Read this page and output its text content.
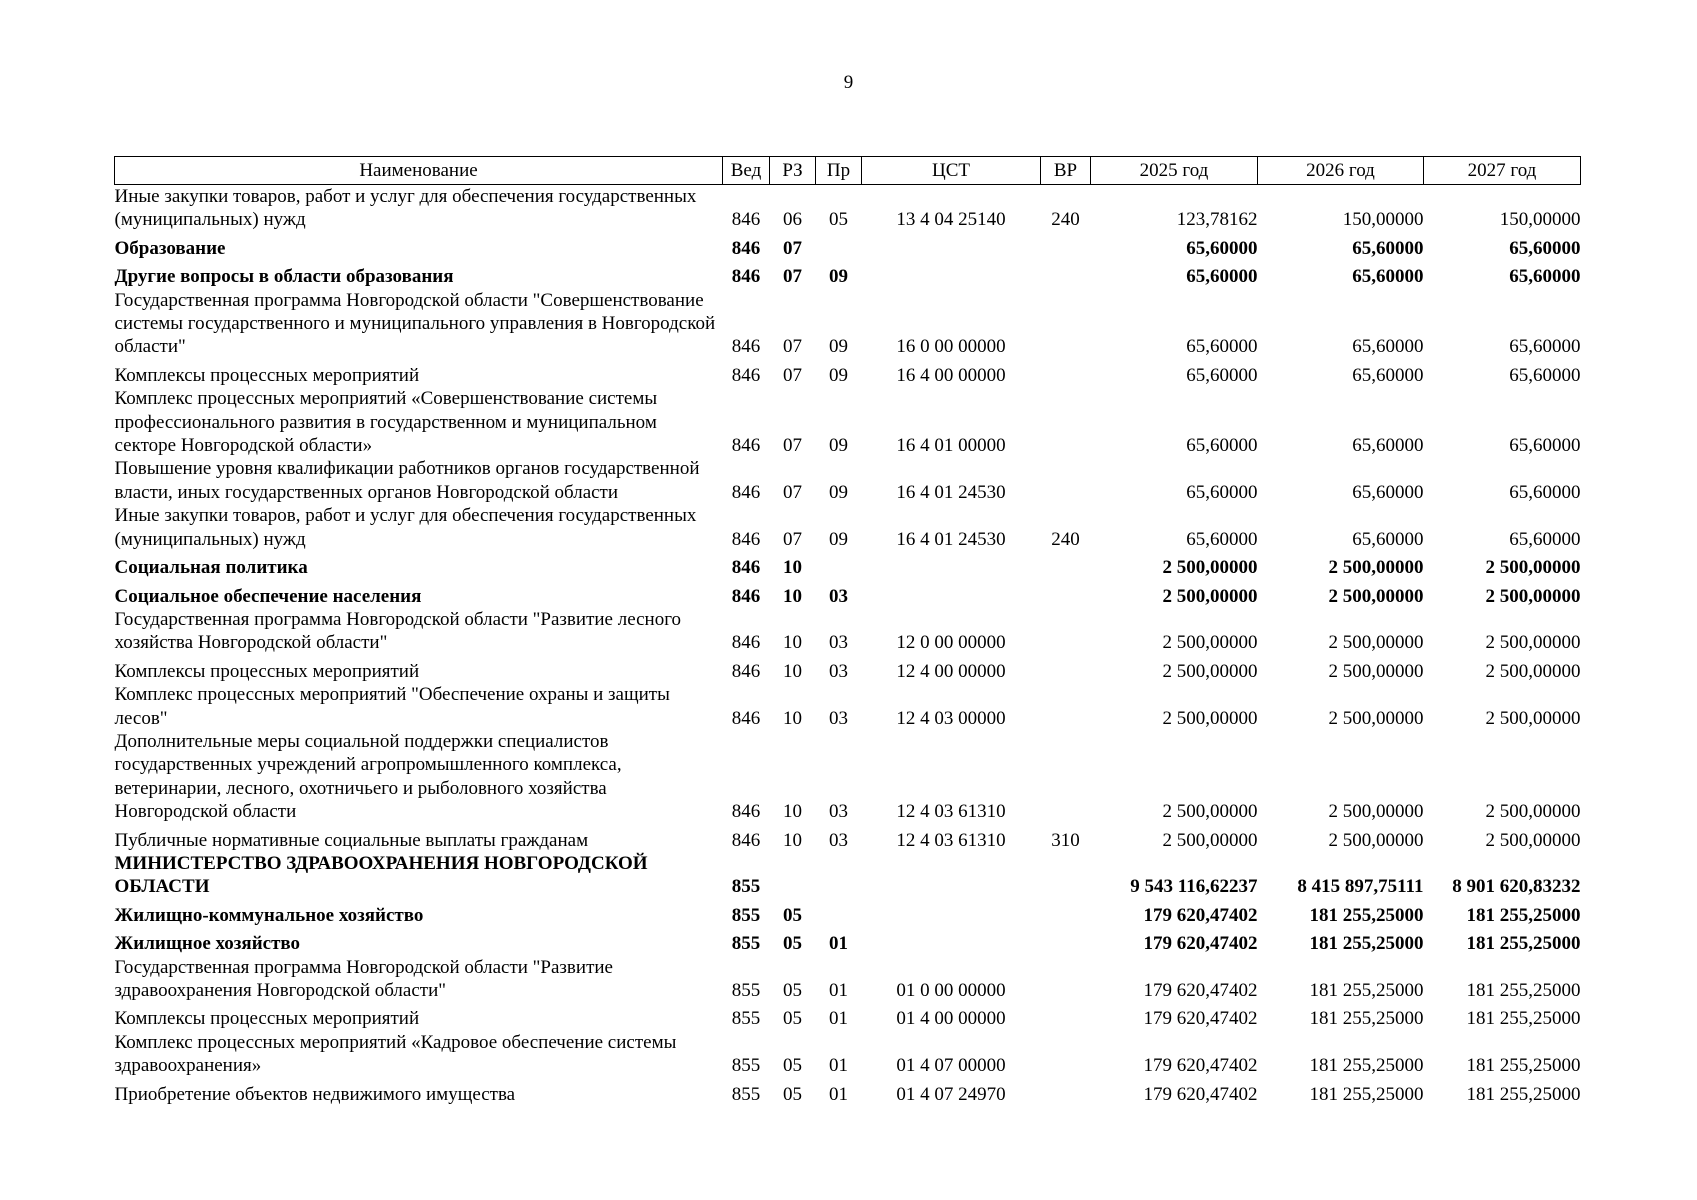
9
Наименование	Вед	РЗ	Пр	ЦСТ	ВР	2025 год	2026 год	2027 год
Иные закупки товаров, работ и услуг для обеспечения государственных (муниципальных) нужд	846	06	05	13 4 04 25140	240	123,78162	150,00000	150,00000
Образование	846	07				65,60000	65,60000	65,60000
Другие вопросы в области образования	846	07	09			65,60000	65,60000	65,60000
Государственная программа Новгородской области "Совершенствование системы государственного и муниципального управления в Новгородской области"	846	07	09	16 0 00 00000		65,60000	65,60000	65,60000
Комплексы процессных мероприятий	846	07	09	16 4 00 00000		65,60000	65,60000	65,60000
Комплекс процессных мероприятий «Совершенствование системы профессионального развития в государственном и муниципальном секторе Новгородской области»	846	07	09	16 4 01 00000		65,60000	65,60000	65,60000
Повышение уровня квалификации работников органов государственной власти, иных государственных органов Новгородской области	846	07	09	16 4 01 24530		65,60000	65,60000	65,60000
Иные закупки товаров, работ и услуг для обеспечения государственных (муниципальных) нужд	846	07	09	16 4 01 24530	240	65,60000	65,60000	65,60000
Социальная политика	846	10				2 500,00000	2 500,00000	2 500,00000
Социальное обеспечение населения	846	10	03			2 500,00000	2 500,00000	2 500,00000
Государственная программа Новгородской области "Развитие лесного хозяйства Новгородской области"	846	10	03	12 0 00 00000		2 500,00000	2 500,00000	2 500,00000
Комплексы процессных мероприятий	846	10	03	12 4 00 00000		2 500,00000	2 500,00000	2 500,00000
Комплекс процессных мероприятий "Обеспечение охраны и защиты лесов"	846	10	03	12 4 03 00000		2 500,00000	2 500,00000	2 500,00000
Дополнительные меры социальной поддержки специалистов государственных учреждений агропромышленного комплекса, ветеринарии, лесного, охотничьего и рыболовного хозяйства Новгородской области	846	10	03	12 4 03 61310		2 500,00000	2 500,00000	2 500,00000
Публичные нормативные социальные выплаты гражданам	846	10	03	12 4 03 61310	310	2 500,00000	2 500,00000	2 500,00000
МИНИСТЕРСТВО ЗДРАВООХРАНЕНИЯ НОВГОРОДСКОЙ ОБЛАСТИ	855					9 543 116,62237	8 415 897,75111	8 901 620,83232
Жилищно-коммунальное хозяйство	855	05				179 620,47402	181 255,25000	181 255,25000
Жилищное хозяйство	855	05	01			179 620,47402	181 255,25000	181 255,25000
Государственная программа Новгородской области "Развитие здравоохранения Новгородской области"	855	05	01	01 0 00 00000		179 620,47402	181 255,25000	181 255,25000
Комплексы процессных мероприятий	855	05	01	01 4 00 00000		179 620,47402	181 255,25000	181 255,25000
Комплекс процессных мероприятий «Кадровое обеспечение системы здравоохранения»	855	05	01	01 4 07 00000		179 620,47402	181 255,25000	181 255,25000
Приобретение объектов недвижимого имущества	855	05	01	01 4 07 24970		179 620,47402	181 255,25000	181 255,25000
